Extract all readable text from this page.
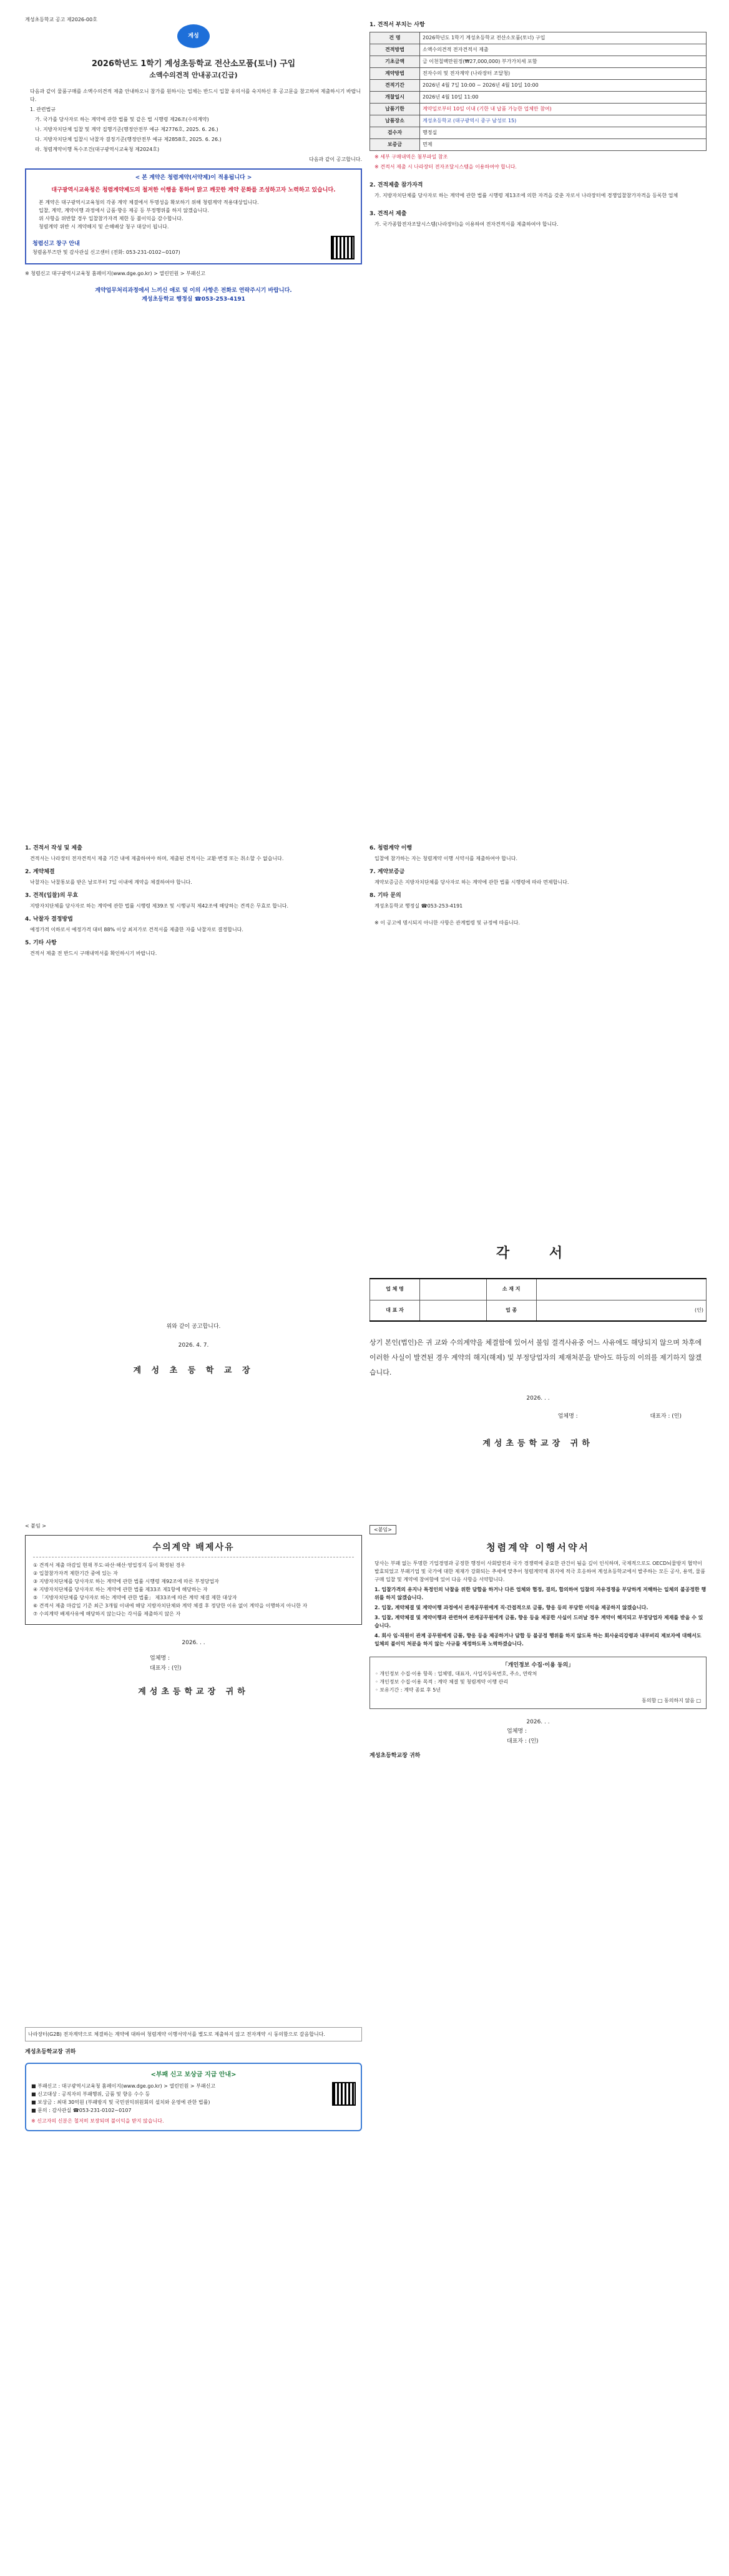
계성초등학교 공고 제2026-00호
계성
2026학년도 1학기 계성초등학교 전산소모품(토너) 구입
소액수의견적 안내공고(긴급)
다음과 같이 물품구매를 소액수의견적 제출 안내하오니 참가를 원하시는 업체는 반드시 입찰 유의서를 숙지하신 후 공고문을 참고하여 제출하시기 바랍니다.
1. 관련법규
가. 국가를 당사자로 하는 계약에 관한 법률 및 같은 법 시행령 제26조(수의계약)
나. 지방자치단체 입찰 및 계약 집행기준(행정안전부 예규 제2776호, 2025. 6. 26.)
다. 지방자치단체 입찰시 낙찰자 결정기준(행정안전부 예규 제2858호, 2025. 6. 26.)
라. 청렴계약이행 특수조건(대구광역시교육청 제2024호)
다음과 같이 공고합니다.
< 본 계약은 청렴계약(서약제)이 적용됩니다 >
대구광역시교육청은 청렴계약제도의 철저한 이행을 통하여 맑고 깨끗한 계약 문화를 조성하고자 노력하고 있습니다.
본 계약은 대구광역시교육청의 각종 계약 체결에서 투명성을 확보하기 위해 청렴계약 적용대상입니다.
입찰, 계약, 계약이행 과정에서 금품·향응 제공 등 부정행위를 하지 않겠습니다.
위 사항을 위반할 경우 입찰참가자격 제한 등 불이익을 감수합니다.
청렴계약 위반 시 계약해지 및 손해배상 청구 대상이 됩니다.
청렴신고 창구 안내
청렴옴부즈만 및 감사관실 신고센터 (전화: 053-231-0102~0107)
※ 청렴신고 대구광역시교육청 홈페이지(www.dge.go.kr) > 열린민원 > 부패신고
계약업무처리과정에서 느끼신 애로 및 이의 사항은 전화로 연락주시기 바랍니다.
계성초등학교 행정실 ☎053-253-4191
1. 견적서 부치는 사항
건 명	2026학년도 1학기 계성초등학교 전산소모품(토너) 구입
견적방법	소액수의견적 전자견적서 제출
기초금액	금 이천칠백만원정(₩27,000,000) 부가가치세 포함
계약방법	전자수의 및 전자계약 (나라장터 조달청)
견적기간	2026년 4월 7일 10:00 ~ 2026년 4월 10일 10:00
개찰일시	2026년 4월 10일 11:00
납품기한	계약일로부터 10일 이내 (기한 내 납품 가능한 업체만 참여)
납품장소	계성초등학교 (대구광역시 중구 남성로 15)
검수자	행정실
보증금	면제
※ 세부 구매내역은 첨부파일 참조
※ 견적서 제출 시 나라장터 전자조달시스템을 이용하여야 합니다.
2. 견적제출 참가자격
가. 지방자치단체를 당사자로 하는 계약에 관한 법률 시행령 제13조에 의한 자격을 갖춘 자로서 나라장터에 경쟁입찰참가자격을 등록한 업체
3. 견적서 제출
가. 국가종합전자조달시스템(나라장터)을 이용하여 전자견적서를 제출하여야 합니다.
1. 견적서 작성 및 제출
견적서는 나라장터 전자견적서 제출 기간 내에 제출하여야 하며, 제출된 견적서는 교환·변경 또는 취소할 수 없습니다.
2. 계약체결
낙찰자는 낙찰통보를 받은 날로부터 7일 이내에 계약을 체결하여야 합니다.
3. 견적(입찰)의 무효
지방자치단체를 당사자로 하는 계약에 관한 법률 시행령 제39조 및 시행규칙 제42조에 해당하는 견적은 무효로 합니다.
4. 낙찰자 결정방법
예정가격 이하로서 예정가격 대비 88% 이상 최저가로 견적서를 제출한 자를 낙찰자로 결정합니다.
5. 기타 사항
견적서 제출 전 반드시 구매내역서를 확인하시기 바랍니다.
6. 청렴계약 이행
입찰에 참가하는 자는 청렴계약 이행 서약서를 제출하여야 합니다.
7. 계약보증금
계약보증금은 지방자치단체를 당사자로 하는 계약에 관한 법률 시행령에 따라 면제합니다.
8. 기타 문의
계성초등학교 행정실 ☎053-253-4191
※ 이 공고에 명시되지 아니한 사항은 관계법령 및 규정에 따릅니다.
위와 같이 공고합니다.
2026. 4. 7.
계 성 초 등 학 교 장
각 서
업 체 명		소 재 지	
대 표 자		업 종	(인)
상기 본인(법인)은 귀 교와 수의계약을 체결함에 있어서 불임 결격사유중 어느 사유에도 해당되지 않으며 차후에 이러한 사실이 발견된 경우 계약의 해지(해제) 및 부정당업자의 제재처분을 받아도 하등의 이의를 제기하지 않겠습니다.
2026. . .
업체명 :	대표자 : (인)
계성초등학교장 귀하
< 붙임 >
수의계약 배제사유
① 견적서 제출 마감일 현재 부도·파산·해산·영업정지 등이 확정된 경우
② 입찰참가자격 제한기간 중에 있는 자
③ 지방자치단체를 당사자로 하는 계약에 관한 법률 시행령 제92조에 따른 부정당업자
④ 지방자치단체를 당사자로 하는 계약에 관한 법률 제33조 제1항에 해당하는 자
⑤ 「지방자치단체를 당사자로 하는 계약에 관한 법률」 제33조에 따른 계약 체결 제한 대상자
⑥ 견적서 제출 마감일 기준 최근 3개월 이내에 해당 지방자치단체와 계약 체결 후 정당한 이유 없이 계약을 이행하지 아니한 자
⑦ 수의계약 배제사유에 해당하지 않는다는 각서를 제출하지 않은 자
2026. . .
업체명 :
대표자 : (인)
계성초등학교장 귀하
<붙임>
청렴계약 이행서약서
당사는 부패 없는 투명한 기업경영과 공정한 행정이 사회발전과 국가 경쟁력에 중요한 관건이 됨을 깊이 인식하며, 국제적으로도 OECD뇌물방지 협약이 발효되었고 부패기업 및 국가에 대한 제재가 강화되는 추세에 맞추어 청렴계약제 취지에 적극 호응하여 계성초등학교에서 발주하는 모든 공사, 용역, 물품 구매 입찰 및 계약에 참여함에 있어 다음 사항을 서약합니다.
1. 입찰가격의 유지나 특정인의 낙찰을 위한 담합을 하거나 다른 업체와 협정, 결의, 합의하여 입찰의 자유경쟁을 부당하게 저해하는 일체의 불공정한 행위를 하지 않겠습니다.
2. 입찰, 계약체결 및 계약이행 과정에서 관계공무원에게 직·간접적으로 금품, 향응 등의 부당한 이익을 제공하지 않겠습니다.
3. 입찰, 계약체결 및 계약이행과 관련하여 관계공무원에게 금품, 향응 등을 제공한 사실이 드러날 경우 계약이 해지되고 부정당업자 제재를 받을 수 있습니다.
4. 회사 임·직원이 관계 공무원에게 금품, 향응 등을 제공하거나 담합 등 불공정 행위를 하지 않도록 하는 회사윤리강령과 내부비리 제보자에 대해서도 일체의 불이익 처분을 하지 않는 사규를 제정하도록 노력하겠습니다.
「개인정보 수집·이용 동의」
◦ 개인정보 수집·이용 항목 : 업체명, 대표자, 사업자등록번호, 주소, 연락처
◦ 개인정보 수집·이용 목적 : 계약 체결 및 청렴계약 이행 관리
◦ 보유기간 : 계약 종료 후 5년
동의함 □ 동의하지 않음 □
2026. . .
업체명 :
대표자 : (인)
계성초등학교장 귀하
나라장터(G2B) 전자계약으로 체결하는 계약에 대하여 청렴계약 이행서약서를 별도로 제출하지 않고 전자계약 시 동의함으로 갈음합니다.
계성초등학교장 귀하
<부패 신고 보상금 지급 안내>
■ 부패신고 : 대구광역시교육청 홈페이지(www.dge.go.kr) > 열린민원 > 부패신고
■ 신고대상 : 공직자의 부패행위, 금품 및 향응 수수 등
■ 보상금 : 최대 30억원 (부패방지 및 국민권익위원회의 설치와 운영에 관한 법률)
■ 문의 : 감사관실 ☎053-231-0102~0107
※ 신고자의 신분은 철저히 보장되며 불이익을 받지 않습니다.
